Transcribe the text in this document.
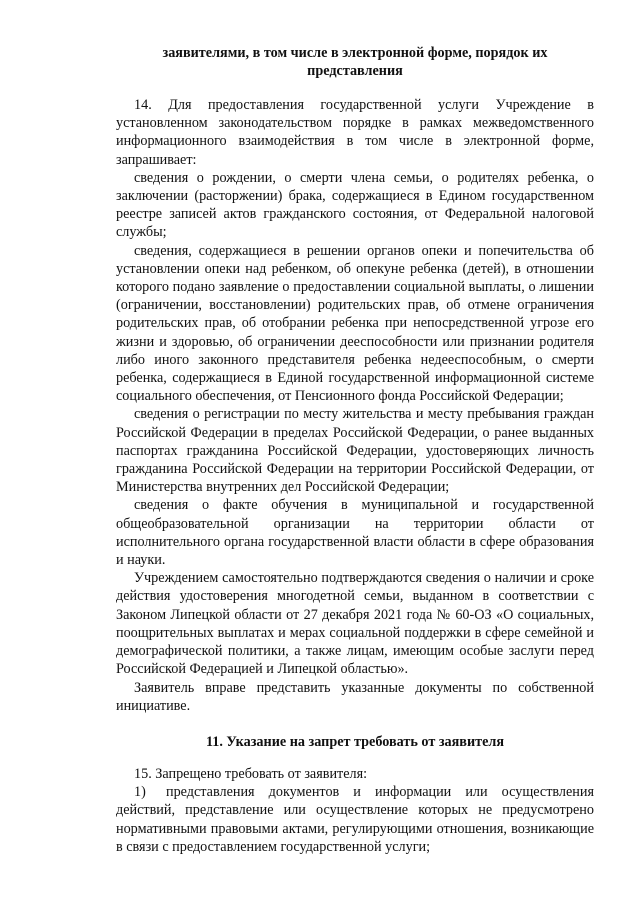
заявителями, в том числе в электронной форме, порядок их представления

14. Для предоставления государственной услуги Учреждение в установленном законодательством порядке в рамках межведомственного информационного взаимодействия в том числе в электронной форме, запрашивает:

сведения о рождении, о смерти члена семьи, о родителях ребенка, о заключении (расторжении) брака, содержащиеся в Едином государственном реестре записей актов гражданского состояния, от Федеральной налоговой службы;

сведения, содержащиеся в решении органов опеки и попечительства об установлении опеки над ребенком, об опекуне ребенка (детей), в отношении которого подано заявление о предоставлении социальной выплаты, о лишении (ограничении, восстановлении) родительских прав, об отмене ограничения родительских прав, об отобрании ребенка при непосредственной угрозе его жизни и здоровью, об ограничении дееспособности или признании родителя либо иного законного представителя ребенка недееспособным, о смерти ребенка, содержащиеся в Единой государственной информационной системе социального обеспечения, от Пенсионного фонда Российской Федерации;

сведения о регистрации по месту жительства и месту пребывания граждан Российской Федерации в пределах Российской Федерации, о ранее выданных паспортах гражданина Российской Федерации, удостоверяющих личность гражданина Российской Федерации на территории Российской Федерации, от Министерства внутренних дел Российской Федерации;

сведения о факте обучения в муниципальной и государственной общеобразовательной организации на территории области от исполнительного органа государственной власти области в сфере образования и науки.

Учреждением самостоятельно подтверждаются сведения о наличии и сроке действия удостоверения многодетной семьи, выданном в соответствии с Законом Липецкой области от 27 декабря 2021 года № 60-ОЗ «О социальных, поощрительных выплатах и мерах социальной поддержки в сфере семейной и демографической политики, а также лицам, имеющим особые заслуги перед Российской Федерацией и Липецкой областью».

Заявитель вправе представить указанные документы по собственной инициативе.

11. Указание на запрет требовать от заявителя

15. Запрещено требовать от заявителя:

1) представления документов и информации или осуществления действий, представление или осуществление которых не предусмотрено нормативными правовыми актами, регулирующими отношения, возникающие в связи с предоставлением государственной услуги;
